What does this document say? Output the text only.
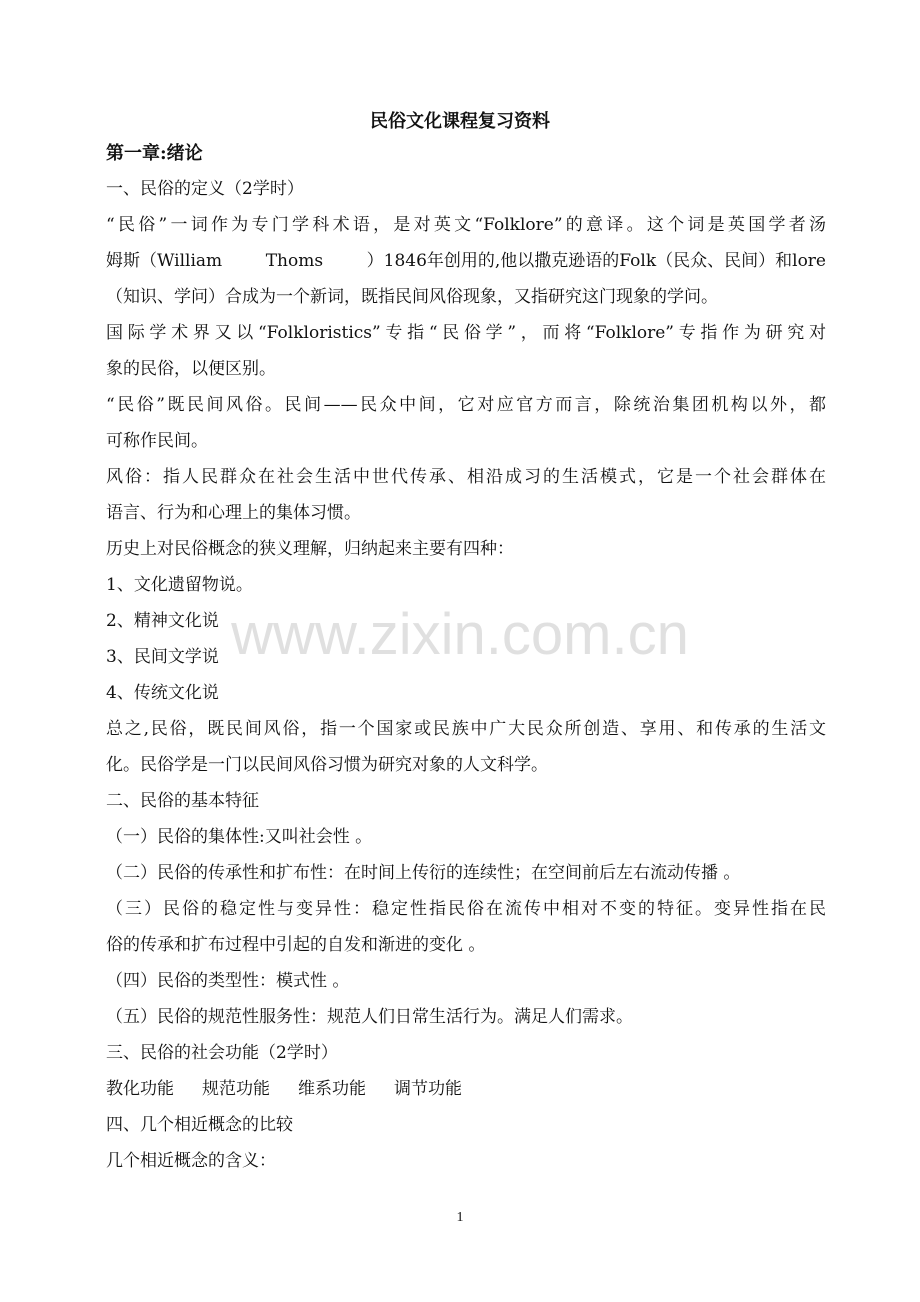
民俗文化课程复习资料
第一章:绪论
一、民俗的定义（2学时）
“民俗”一词作为专门学科术语，是对英文“Folklore”的意译。这个词是英国学者汤
姆斯（William	Thoms	）1846年创用的,他以撒克逊语的Folk（民众、民间）和lore
（知识、学问）合成为一个新词，既指民间风俗现象，又指研究这门现象的学问。
国际学术界又以“Folkloristics”专指“民俗学”，而将“Folklore”专指作为研究对
象的民俗，以便区别。
“民俗”既民间风俗。民间——民众中间，它对应官方而言，除统治集团机构以外，都
可称作民间。
风俗：指人民群众在社会生活中世代传承、相沿成习的生活模式，它是一个社会群体在
语言、行为和心理上的集体习惯。
历史上对民俗概念的狭义理解，归纳起来主要有四种：
1、文化遗留物说。
2、精神文化说
3、民间文学说
4、传统文化说
总之,民俗，既民间风俗，指一个国家或民族中广大民众所创造、享用、和传承的生活文
化。民俗学是一门以民间风俗习惯为研究对象的人文科学。
二、民俗的基本特征
（一）民俗的集体性:又叫社会性 。
（二）民俗的传承性和扩布性：在时间上传衍的连续性；在空间前后左右流动传播 。
（三）民俗的稳定性与变异性：稳定性指民俗在流传中相对不变的特征。变异性指在民
俗的传承和扩布过程中引起的自发和渐进的变化 。
（四）民俗的类型性：模式性 。
（五）民俗的规范性服务性：规范人们日常生活行为。满足人们需求。
三、民俗的社会功能（2学时）
教化功能 规范功能 维系功能 调节功能
四、几个相近概念的比较
几个相近概念的含义：
www.zixin.com.cn
1
